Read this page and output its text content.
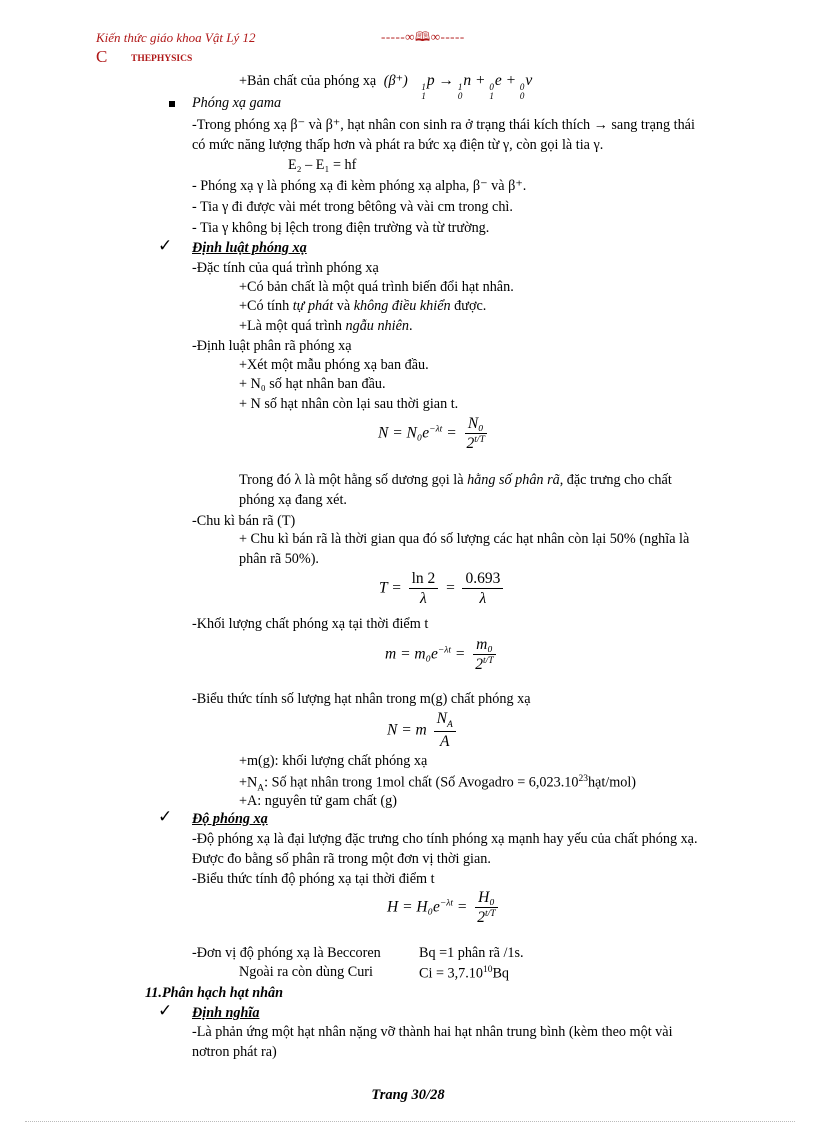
Kiến thức giáo khoa Vật Lý 12	-----∞🕮∞-----
C THEPHYSICS
+Bản chất của phóng xạ (β⁺) 1
1
p → 1
0
n + 0
1
e + 0
0
ν
Phóng xạ gama
-Trong phóng xạ β⁻ và β⁺, hạt nhân con sinh ra ở trạng thái kích thích → sang trạng thái
có mức năng lượng thấp hơn và phát ra bức xạ điện từ γ, còn gọi là tia γ.
E₂ – E₁ = hf
- Phóng xạ γ là phóng xạ đi kèm phóng xạ alpha, β⁻ và β⁺.
- Tia γ đi được vài mét trong bêtông và vài cm trong chì.
- Tia γ không bị lệch trong điện trường và từ trường.
✓ Định luật phóng xạ
-Đặc tính của quá trình phóng xạ
+Có bản chất là một quá trình biến đổi hạt nhân.
+Có tính tự phát và không điều khiển được.
+Là một quá trình ngẫu nhiên.
-Định luật phân rã phóng xạ
+Xét một mẫu phóng xạ ban đầu.
+ N₀ số hạt nhân ban đầu.
+ N số hạt nhân còn lại sau thời gian t.
$N = N_0e^{-\lambda t} = \frac{\text{N₀}}{2^{t/T}}$
Trong đó λ là một hằng số dương gọi là hằng số phân rã, đặc trưng cho chất
phóng xạ đang xét.
-Chu kì bán rã (T)
+ Chu kì bán rã là thời gian qua đó số lượng các hạt nhân còn lại 50% (nghĩa là
phân rã 50%).
$T = \frac{\ln 2}{\lambda} = \frac{0.693}{\lambda}$
-Khối lượng chất phóng xạ tại thời điểm t
$m = m_0e^{-\lambda t} = \frac{\text{m₀}}{2^{t/T}}$
-Biểu thức tính số lượng hạt nhân trong m(g) chất phóng xạ
N = m $\frac{N_A}{A}$
+m(g): khối lượng chất phóng xạ
$+N_A$: Số hạt nhân trong 1mol chất (Số Avogadro = $6,023.10^{23}hạt/mol$)
+A: nguyên tử gam chất (g)
✓ Độ phóng xạ
-Độ phóng xạ là đại lượng đặc trưng cho tính phóng xạ mạnh hay yếu của chất phóng xạ.
Được đo bằng số phân rã trong một đơn vị thời gian.
-Biểu thức tính độ phóng xạ tại thời điểm t
$H = H_0e^{-\lambda t} = \frac{\text{H₀}}{2^{t/T}}$
-Đơn vị độ phóng xạ là Beccoren	Bq =1 phân rã /1s.
Ngoài ra còn dùng Curi	$Ci = 3,7.10^{10}Bq$
11.Phân hạch hạt nhân
✓ Định nghĩa
-Là phản ứng một hạt nhân nặng vỡ thành hai hạt nhân trung bình (kèm theo một vài
nơtron phát ra)
Trang 30/28
